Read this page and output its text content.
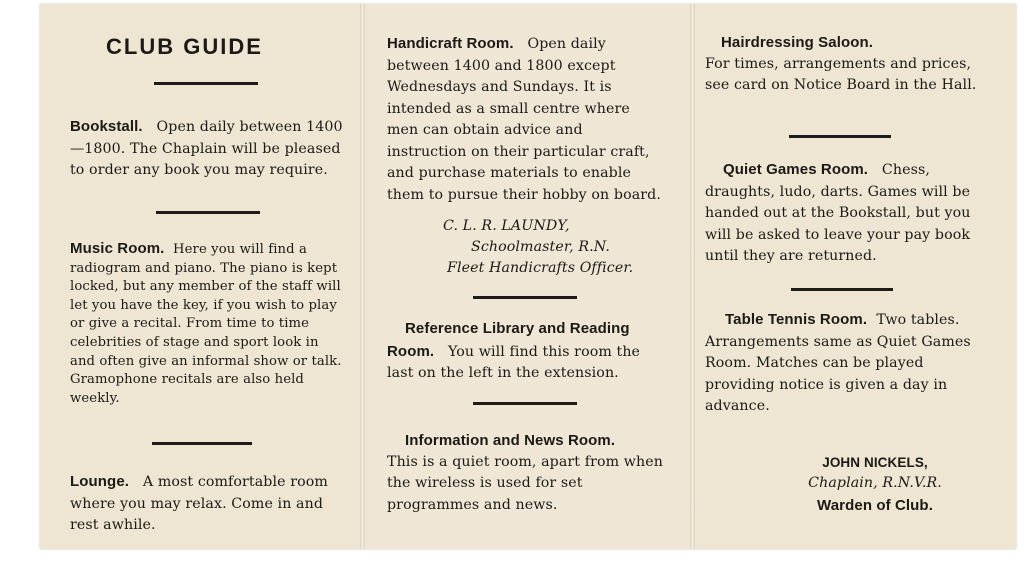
CLUB GUIDE
Bookstall. Open daily between 1400—1800. The Chaplain will be pleased to order any book you may require.
Music Room. Here you will find a radiogram and piano. The piano is kept locked, but any member of the staff will let you have the key, if you wish to play or give a recital. From time to time celebrities of stage and sport look in and often give an informal show or talk. Gramophone recitals are also held weekly.
Lounge. A most comfortable room where you may relax. Come in and rest awhile.
Handicraft Room. Open daily between 1400 and 1800 except Wednesdays and Sundays. It is intended as a small centre where men can obtain advice and instruction on their particular craft, and purchase materials to enable them to pursue their hobby on board.
C. L. R. LAUNDY,
Schoolmaster, R.N.
Fleet Handicrafts Officer.
Reference Library and Reading
Room. You will find this room the last on the left in the extension.
Information and News Room.
This is a quiet room, apart from when the wireless is used for set programmes and news.
Hairdressing Saloon.
For times, arrangements and prices, see card on Notice Board in the Hall.
Quiet Games Room. Chess, draughts, ludo, darts. Games will be handed out at the Bookstall, but you will be asked to leave your pay book until they are returned.
Table Tennis Room. Two tables. Arrangements same as Quiet Games Room. Matches can be played providing notice is given a day in advance.
JOHN NICKELS,
Chaplain, R.N.V.R.
Warden of Club.
